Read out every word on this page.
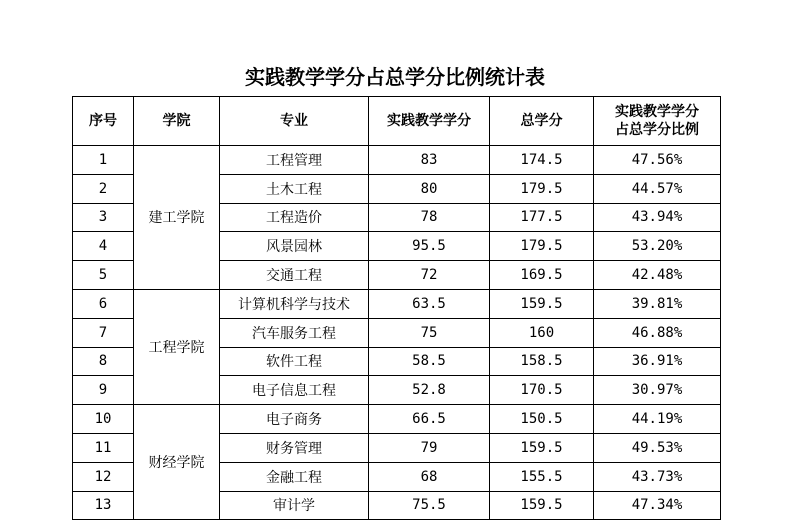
实践教学学分占总学分比例统计表
序号	学院	专业	实践教学学分	总学分	实践教学学分
占总学分比例

1	建工学院	工程管理	83	174.5	47.56%
2		土木工程	80	179.5	44.57%
3		工程造价	78	177.5	43.94%
4		风景园林	95.5	179.5	53.20%
5		交通工程	72	169.5	42.48%
6	工程学院	计算机科学与技术	63.5	159.5	39.81%
7		汽车服务工程	75	160	46.88%
8		软件工程	58.5	158.5	36.91%
9		电子信息工程	52.8	170.5	30.97%
10	财经学院	电子商务	66.5	150.5	44.19%
11		财务管理	79	159.5	49.53%
12		金融工程	68	155.5	43.73%
13		审计学	75.5	159.5	47.34%
